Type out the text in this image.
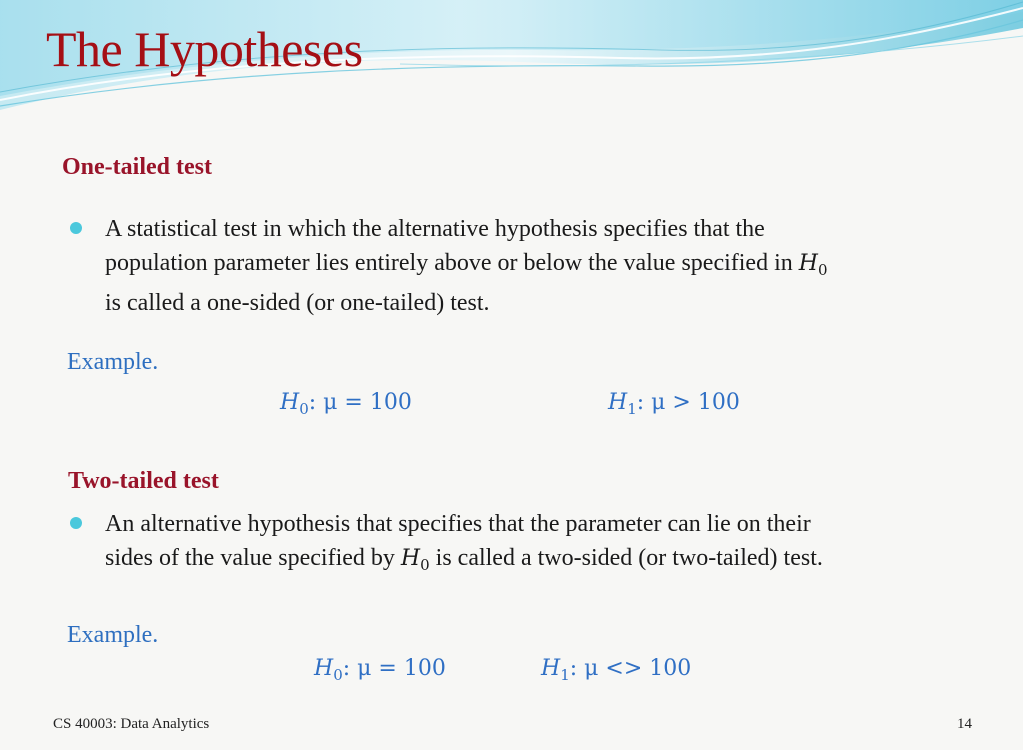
The Hypotheses
One-tailed test

A statistical test in which the alternative hypothesis specifies that the
population parameter lies entirely above or below the value specified in $H_0$
is called a one-sided (or one-tailed) test.

Example.

$H_0$: μ = 100	$H_1$: μ > 100
Two-tailed test

An alternative hypothesis that specifies that the parameter can lie on their
sides of the value specified by $H_0$ is called a two-sided (or two-tailed) test.

Example.

$H_0$: μ = 100	$H_1$: μ <> 100
CS 40003: Data Analytics	14
